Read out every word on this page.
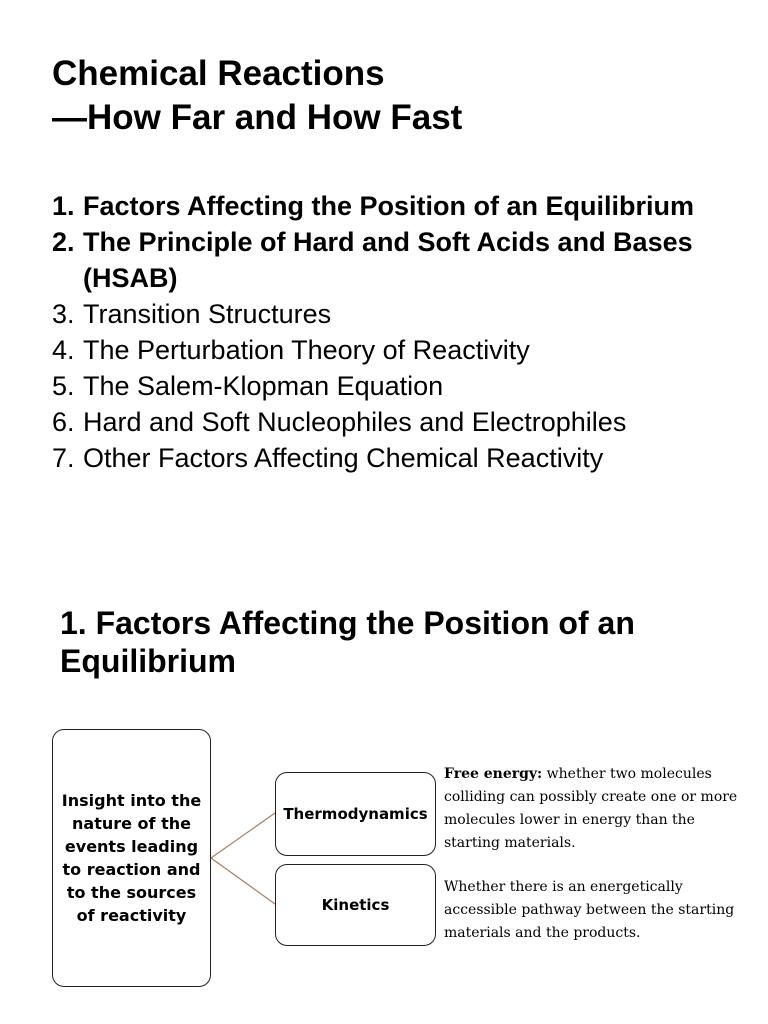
Chemical Reactions
—How Far and How Fast
1. Factors Affecting the Position of an Equilibrium
2. The Principle of Hard and Soft Acids and Bases (HSAB)
3. Transition Structures
4. The Perturbation Theory of Reactivity
5. The Salem-Klopman Equation
6. Hard and Soft Nucleophiles and Electrophiles
7. Other Factors Affecting Chemical Reactivity
1. Factors Affecting the Position of an Equilibrium
Insight into the nature of the events leading to reaction and to the sources of reactivity
Thermodynamics
Kinetics
Free energy: whether two molecules colliding can possibly create one or more molecules lower in energy than the starting materials.
Whether there is an energetically accessible pathway between the starting materials and the products.
